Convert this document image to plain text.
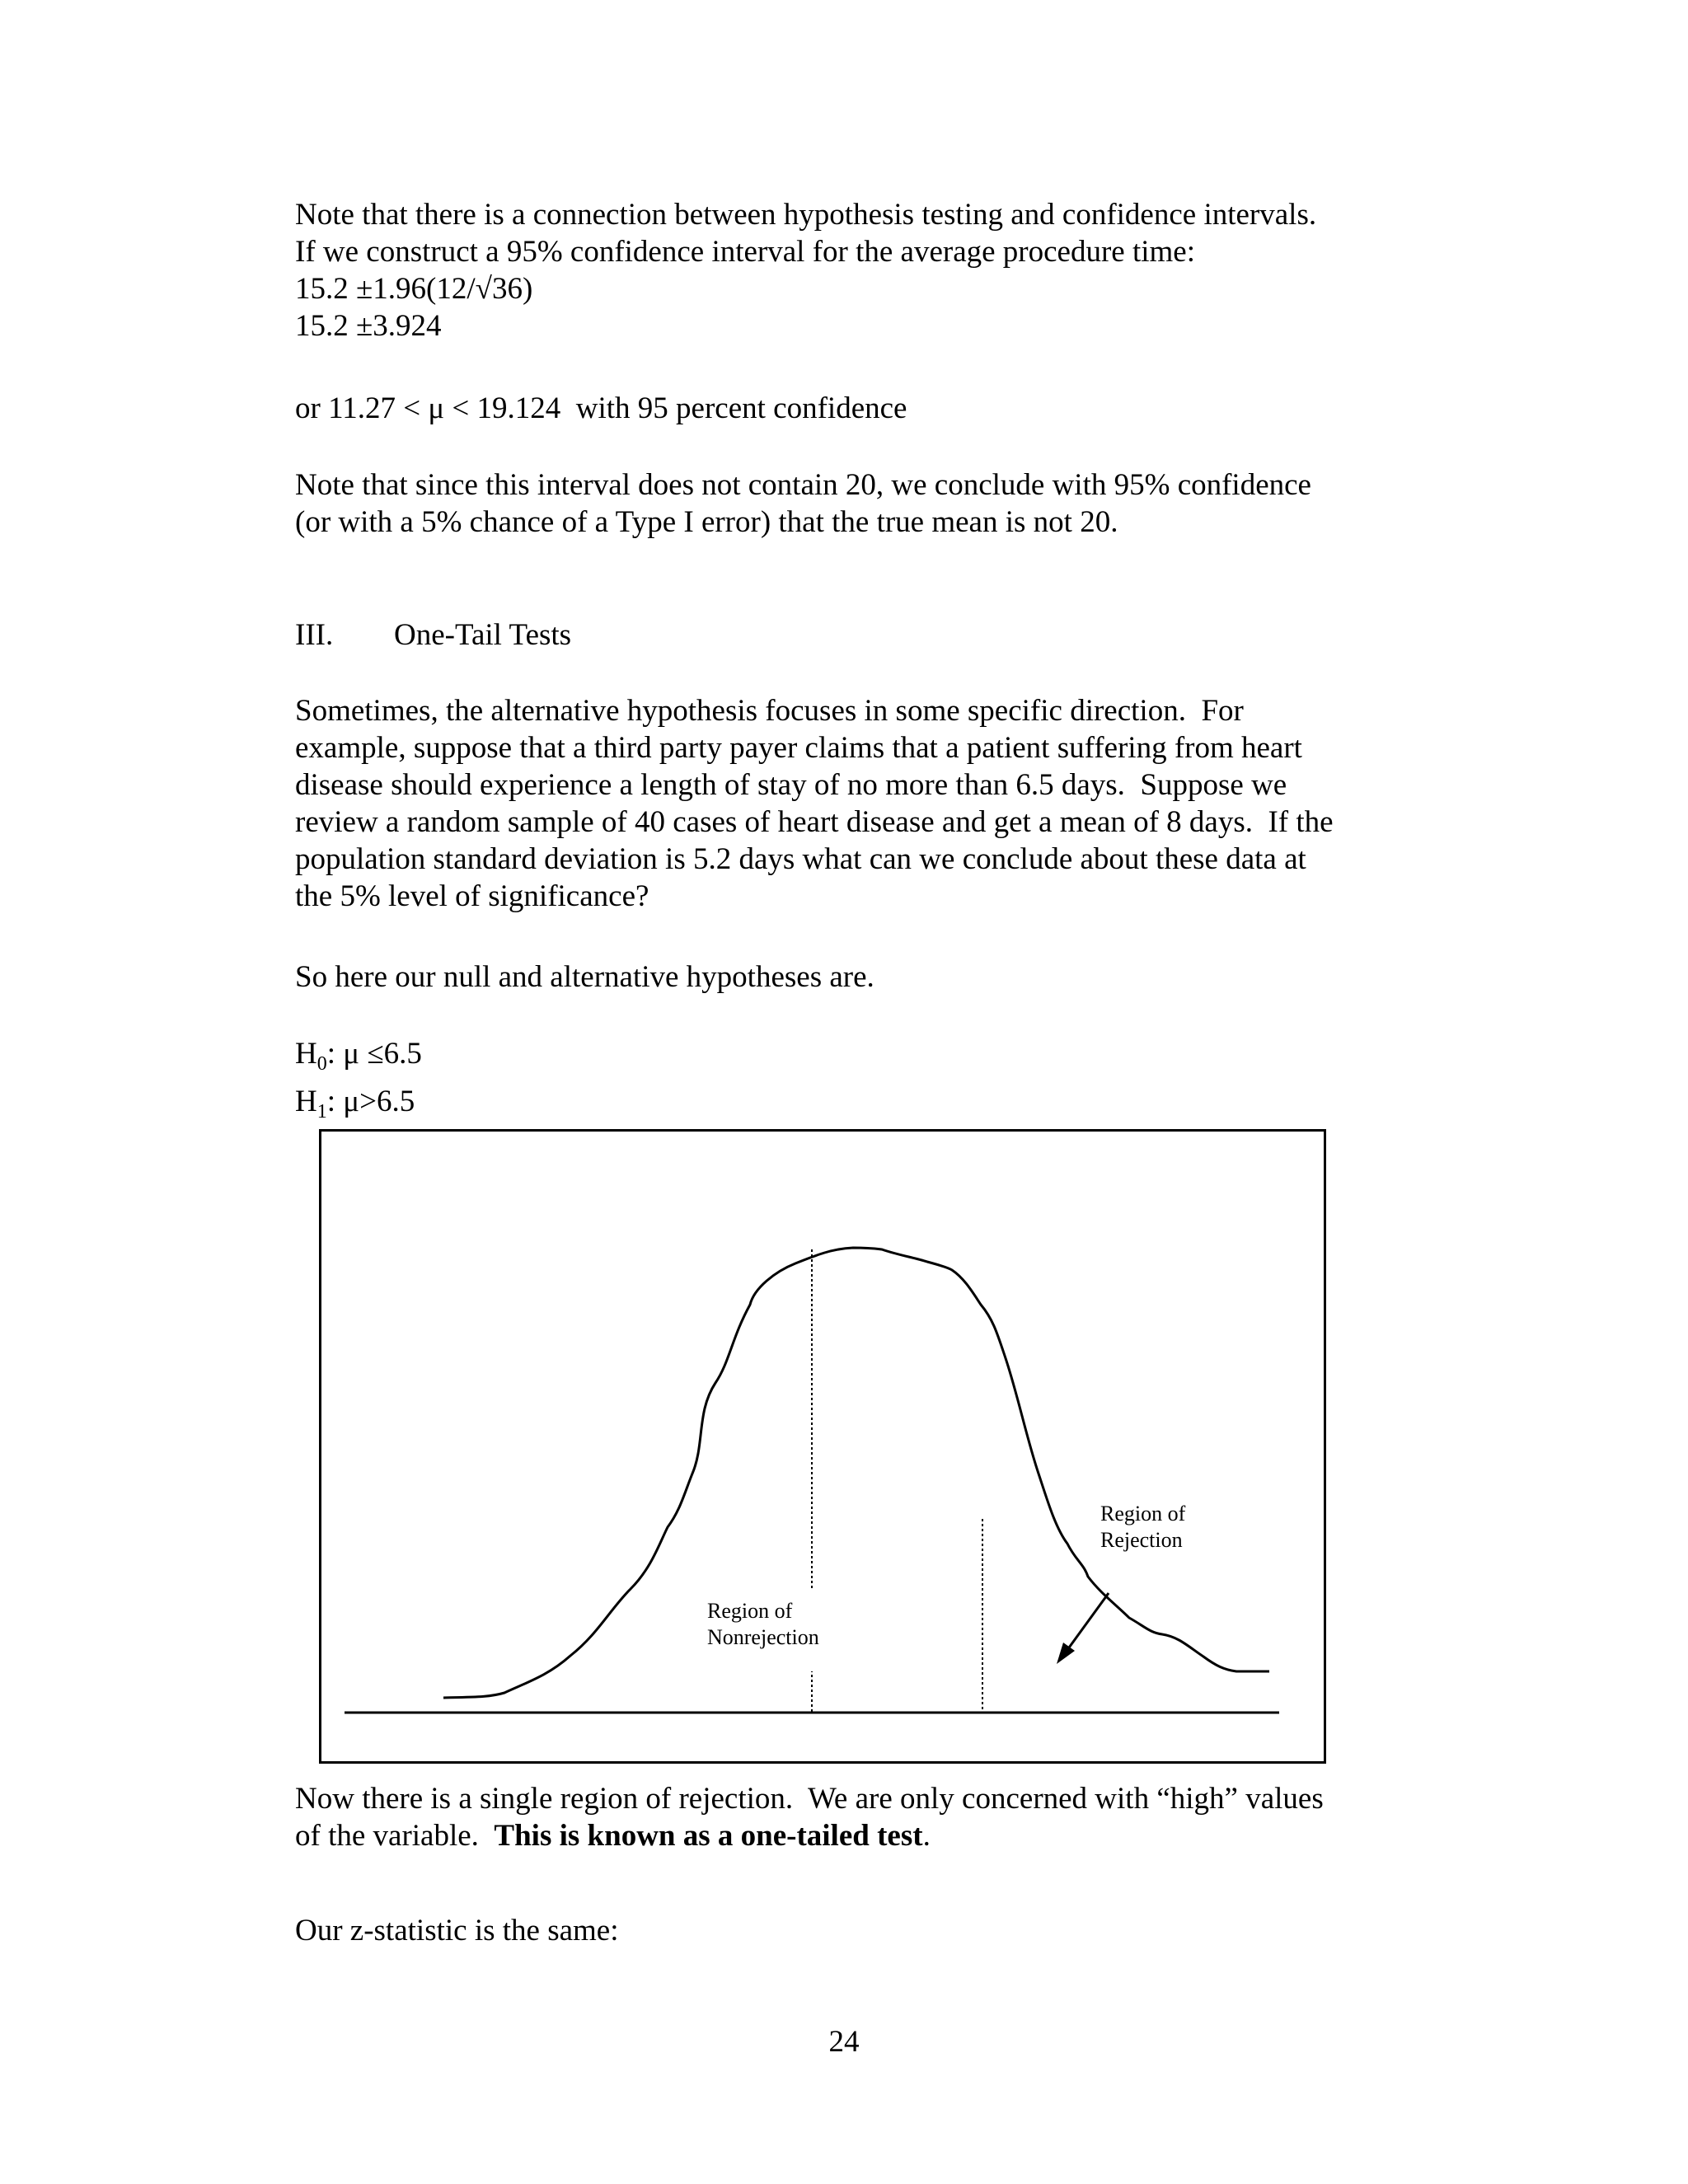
Note that there is a connection between hypothesis testing and confidence intervals.
If we construct a 95% confidence interval for the average procedure time:
15.2 ±1.96(12/√36)
15.2 ±3.924
or 11.27 < μ < 19.124  with 95 percent confidence
Note that since this interval does not contain 20, we conclude with 95% confidence
(or with a 5% chance of a Type I error) that the true mean is not 20.
III. One-Tail Tests
Sometimes, the alternative hypothesis focuses in some specific direction.  For
example, suppose that a third party payer claims that a patient suffering from heart
disease should experience a length of stay of no more than 6.5 days.  Suppose we
review a random sample of 40 cases of heart disease and get a mean of 8 days.  If the
population standard deviation is 5.2 days what can we conclude about these data at
the 5% level of significance?
So here our null and alternative hypotheses are.
$H_0$: μ ≤6.5
$H_1$: μ>6.5
Region of
Nonrejection
Region of
Rejection
Now there is a single region of rejection.  We are only concerned with “high” values
of the variable.  This is known as a one-tailed test.
Our z-statistic is the same:
24
